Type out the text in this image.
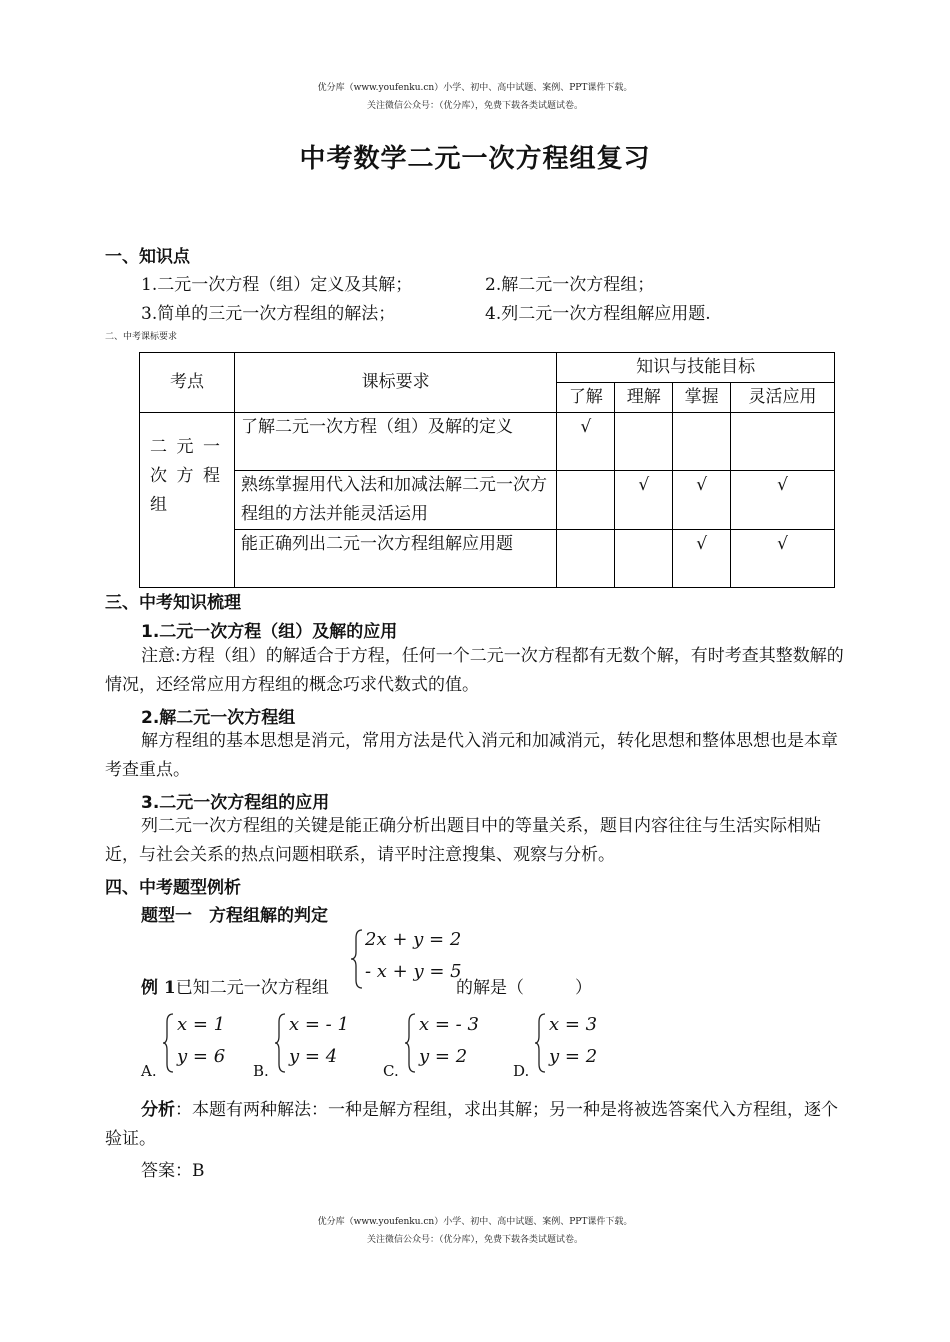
优分库（www.youfenku.cn）小学、初中、高中试题、案例、PPT课件下载。
关注微信公众号：（优分库），免费下载各类试题试卷。
中考数学二元一次方程组复习
一、知识点
1.二元一次方程（组）定义及其解；	2.解二元一次方程组；
3.简单的三元一次方程组的解法；	4.列二元一次方程组解应用题.
二、中考课标要求
考点	课标要求	知识与技能目标			
		了解	理解	掌握	灵活应用

二 元 一 次 方 程 组	了解二元一次方程（组）及解的定义	√			
	熟练掌握用代入法和加减法解二元一次方程组的方法并能灵活运用		√	√	√
	能正确列出二元一次方程组解应用题			√	√
三、中考知识梳理
1.二元一次方程（组）及解的应用
注意:方程（组）的解适合于方程，任何一个二元一次方程都有无数个解，有时考查其整数解的情况，还经常应用方程组的概念巧求代数式的值。
2.解二元一次方程组
解方程组的基本思想是消元，常用方法是代入消元和加减消元，转化思想和整体思想也是本章考查重点。
3.二元一次方程组的应用
列二元一次方程组的关键是能正确分析出题目中的等量关系，题目内容往往与生活实际相贴近，与社会关系的热点问题相联系，请平时注意搜集、观察与分析。
四、中考题型例析
题型一　方程组解的判定
例 1已知二元一次方程组
2x + y = 2
- x + y = 5
的解是（　　　）
A.
x = 1
y = 6
B.
x = - 1
y = 4
C.
x = - 3
y = 2
D.
x = 3
y = 2
分析：本题有两种解法：一种是解方程组，求出其解；另一种是将被选答案代入方程组，逐个验证。
答案：B
优分库（www.youfenku.cn）小学、初中、高中试题、案例、PPT课件下载。
关注微信公众号：（优分库），免费下载各类试题试卷。
